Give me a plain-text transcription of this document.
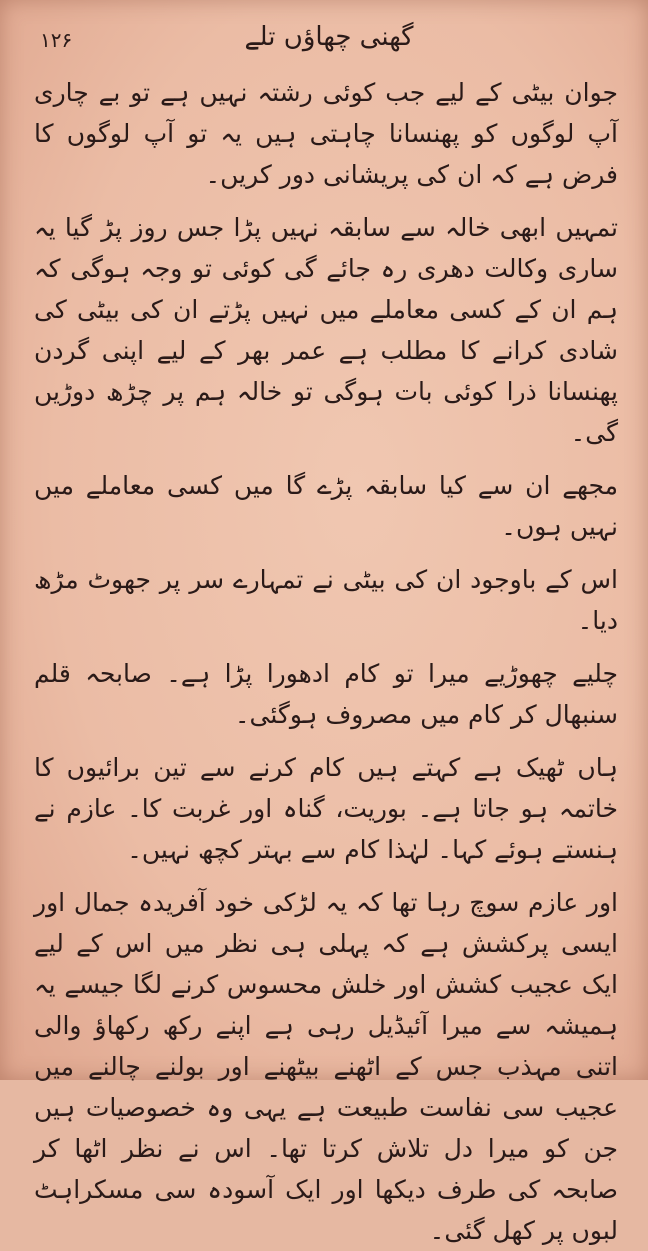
۱۲۶	گھنی چھاؤں تلے

جوان بیٹی کے لیے جب کوئی رشتہ نہیں ہے تو بے چاری آپ لوگوں کو پھنسانا چاہتی ہیں یہ تو آپ لوگوں کا فرض ہے کہ ان کی پریشانی دور کریں۔

تمہیں ابھی خالہ سے سابقہ نہیں پڑا جس روز پڑ گیا یہ ساری وکالت دھری رہ جائے گی کوئی تو وجہ ہوگی کہ ہم ان کے کسی معاملے میں نہیں پڑتے ان کی بیٹی کی شادی کرانے کا مطلب ہے عمر بھر کے لیے اپنی گردن پھنسانا ذرا کوئی بات ہوگی تو خالہ ہم پر چڑھ دوڑیں گی۔

مجھے ان سے کیا سابقہ پڑے گا میں کسی معاملے میں نہیں ہوں۔

اس کے باوجود ان کی بیٹی نے تمہارے سر پر جھوٹ مڑھ دیا۔

چلیے چھوڑیے میرا تو کام ادھورا پڑا ہے۔ صابحہ قلم سنبھال کر کام میں مصروف ہوگئی۔

ہاں ٹھیک ہے کہتے ہیں کام کرنے سے تین برائیوں کا خاتمہ ہو جاتا ہے۔ بوریت، گناہ اور غربت کا۔ عازم نے ہنستے ہوئے کہا۔ لہٰذا کام سے بہتر کچھ نہیں۔

اور عازم سوچ رہا تھا کہ یہ لڑکی خود آفریدہ جمال اور ایسی پرکشش ہے کہ پہلی ہی نظر میں اس کے لیے ایک عجیب کشش اور خلش محسوس کرنے لگا جیسے یہ ہمیشہ سے میرا آئیڈیل رہی ہے اپنے رکھ رکھاؤ والی اتنی مہذب جس کے اٹھنے بیٹھنے اور بولنے چالنے میں عجیب سی نفاست طبیعت ہے یہی وہ خصوصیات ہیں جن کو میرا دل تلاش کرتا تھا۔ اس نے نظر اٹھا کر صابحہ کی طرف دیکھا اور ایک آسودہ سی مسکراہٹ لبوں پر کھل گئی۔
